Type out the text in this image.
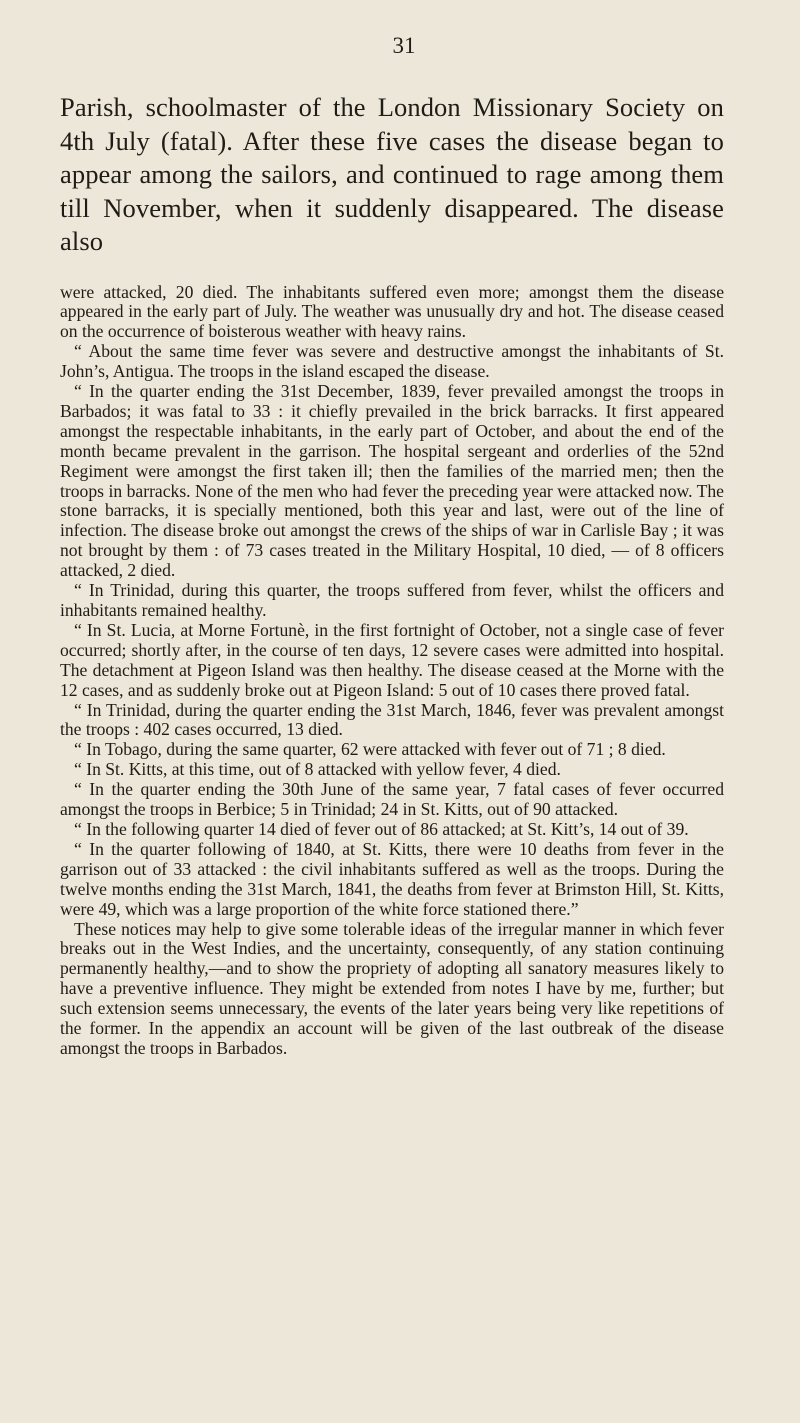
31

Parish, schoolmaster of the London Missionary Society on 4th July (fatal). After these five cases the disease began to appear among the sailors, and continued to rage among them till November, when it suddenly disappeared. The disease also

were attacked, 20 died. The inhabitants suffered even more; amongst them the disease appeared in the early part of July. The weather was unusually dry and hot. The disease ceased on the occurrence of boisterous weather with heavy rains.

“ About the same time fever was severe and destructive amongst the inhabitants of St. John’s, Antigua. The troops in the island escaped the disease.

“ In the quarter ending the 31st December, 1839, fever prevailed amongst the troops in Barbados; it was fatal to 33 : it chiefly prevailed in the brick barracks. It first appeared amongst the respectable inhabitants, in the early part of October, and about the end of the month became prevalent in the garrison. The hospital sergeant and orderlies of the 52nd Regiment were amongst the first taken ill; then the families of the married men; then the troops in barracks. None of the men who had fever the preceding year were attacked now. The stone barracks, it is specially mentioned, both this year and last, were out of the line of infection. The disease broke out amongst the crews of the ships of war in Carlisle Bay ; it was not brought by them : of 73 cases treated in the Military Hospital, 10 died, — of 8 officers attacked, 2 died.

“ In Trinidad, during this quarter, the troops suffered from fever, whilst the officers and inhabitants remained healthy.

“ In St. Lucia, at Morne Fortunè, in the first fortnight of October, not a single case of fever occurred; shortly after, in the course of ten days, 12 severe cases were admitted into hospital. The detachment at Pigeon Island was then healthy. The disease ceased at the Morne with the 12 cases, and as suddenly broke out at Pigeon Island: 5 out of 10 cases there proved fatal.

“ In Trinidad, during the quarter ending the 31st March, 1846, fever was prevalent amongst the troops : 402 cases occurred, 13 died.

“ In Tobago, during the same quarter, 62 were attacked with fever out of 71 ; 8 died.

“ In St. Kitts, at this time, out of 8 attacked with yellow fever, 4 died.

“ In the quarter ending the 30th June of the same year, 7 fatal cases of fever occurred amongst the troops in Berbice; 5 in Trinidad; 24 in St. Kitts, out of 90 attacked.

“ In the following quarter 14 died of fever out of 86 attacked; at St. Kitt’s, 14 out of 39.

“ In the quarter following of 1840, at St. Kitts, there were 10 deaths from fever in the garrison out of 33 attacked : the civil inhabitants suffered as well as the troops. During the twelve months ending the 31st March, 1841, the deaths from fever at Brimston Hill, St. Kitts, were 49, which was a large proportion of the white force stationed there.”

These notices may help to give some tolerable ideas of the irregular manner in which fever breaks out in the West Indies, and the uncertainty, consequently, of any station continuing permanently healthy,—and to show the propriety of adopting all sanatory measures likely to have a preventive influence. They might be extended from notes I have by me, further; but such extension seems unnecessary, the events of the later years being very like repetitions of the former. In the appendix an account will be given of the last outbreak of the disease amongst the troops in Barbados.
